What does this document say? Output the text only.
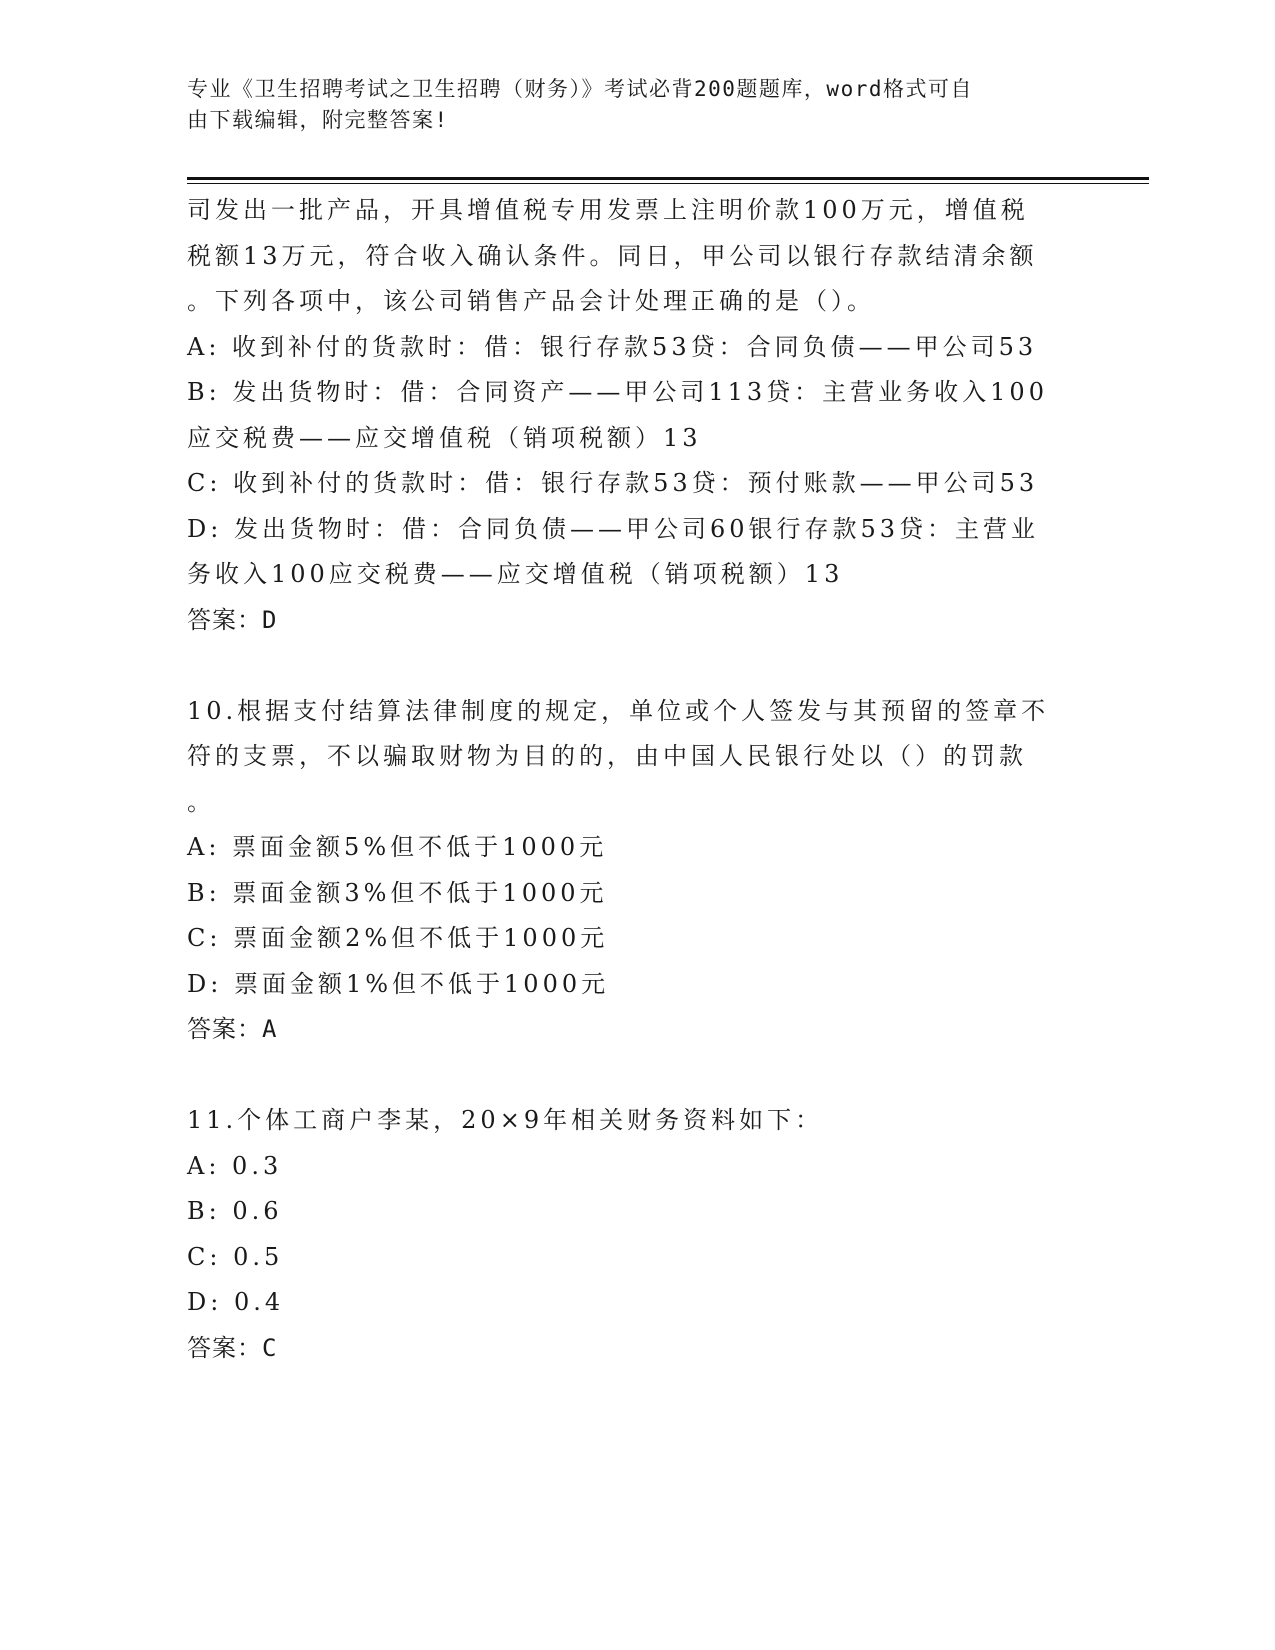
专业《卫生招聘考试之卫生招聘（财务）》考试必背200题题库，word格式可自
由下载编辑，附完整答案!
司发出一批产品，开具增值税专用发票上注明价款100万元，增值税
税额13万元，符合收入确认条件。同日，甲公司以银行存款结清余额
。下列各项中，该公司销售产品会计处理正确的是（）。
A: 收到补付的货款时：借：银行存款53贷：合同负债——甲公司53
B: 发出货物时：借：合同资产——甲公司113贷：主营业务收入100
应交税费——应交增值税（销项税额）13
C: 收到补付的货款时：借：银行存款53贷：预付账款——甲公司53
D: 发出货物时：借：合同负债——甲公司60银行存款53贷：主营业
务收入100应交税费——应交增值税（销项税额）13
答案：D
10.根据支付结算法律制度的规定，单位或个人签发与其预留的签章不
符的支票，不以骗取财物为目的的，由中国人民银行处以（）的罚款
。
A: 票面金额5%但不低于1000元
B: 票面金额3%但不低于1000元
C: 票面金额2%但不低于1000元
D: 票面金额1%但不低于1000元
答案：A
11.个体工商户李某，20×9年相关财务资料如下：
A: 0.3
B: 0.6
C: 0.5
D: 0.4
答案：C
